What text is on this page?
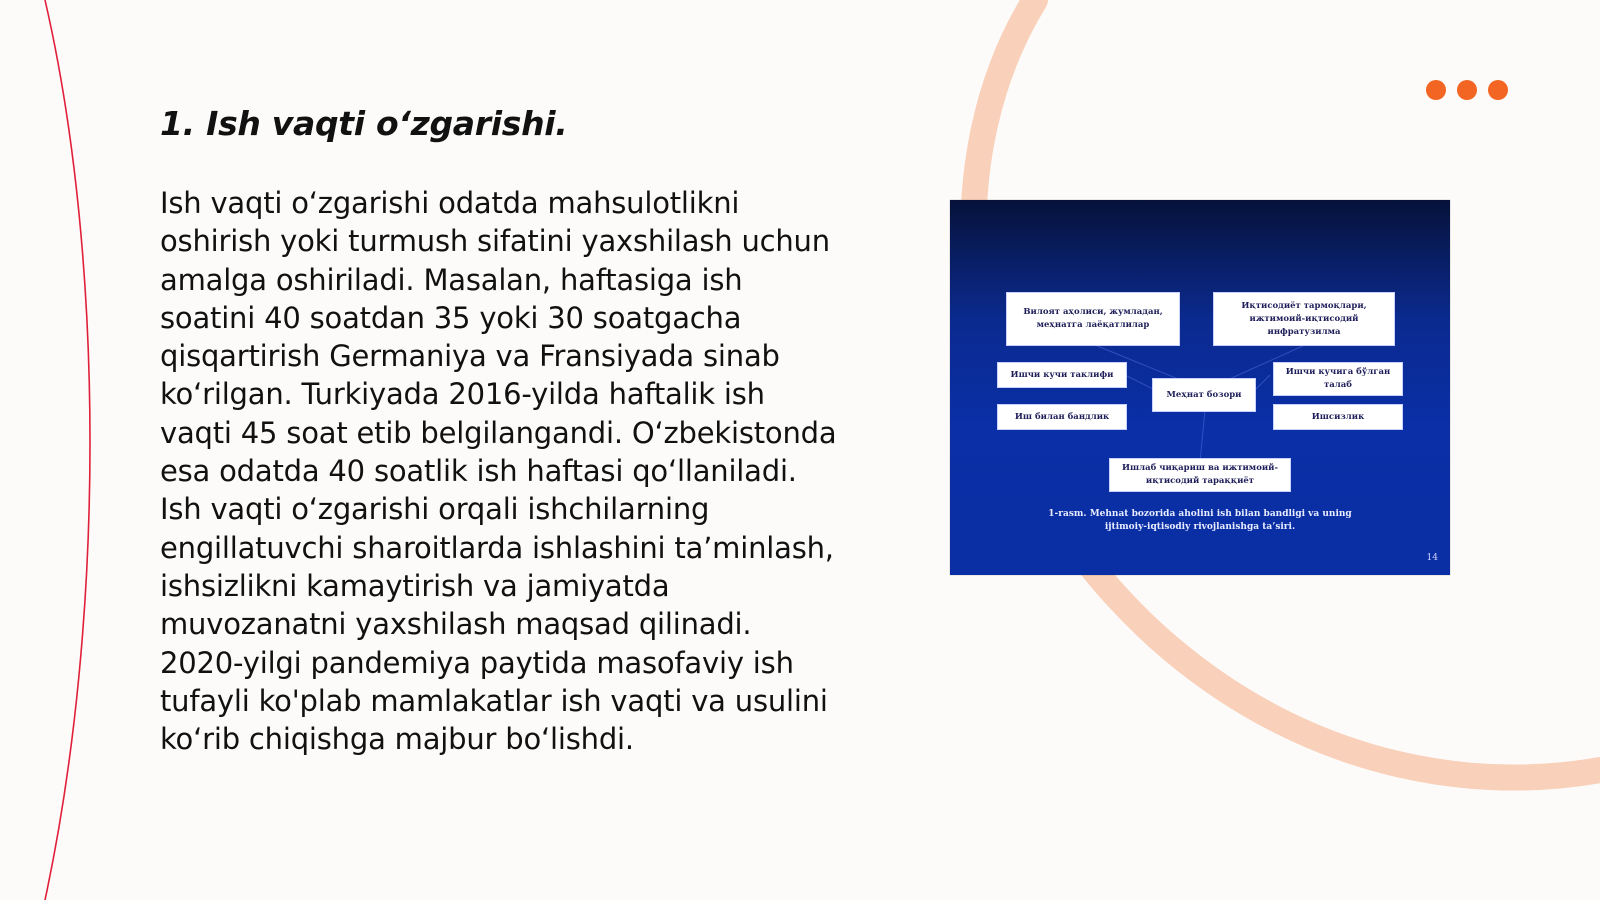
1. Ish vaqti o‘zgarishi.

Ish vaqti o‘zgarishi odatda mahsulotlikni oshirish yoki turmush sifatini yaxshilash uchun amalga oshiriladi. Masalan, haftasiga ish soatini 40 soatdan 35 yoki 30 soatgacha qisqartirish Germaniya va Fransiyada sinab ko‘rilgan. Turkiyada 2016-yilda haftalik ish vaqti 45 soat etib belgilangandi. O‘zbekistonda esa odatda 40 soatlik ish haftasi qo‘llaniladi. Ish vaqti o‘zgarishi orqali ishchilarning engillatuvchi sharoitlarda ishlashini ta’minlash, ishsizlikni kamaytirish va jamiyatda muvozanatni yaxshilash maqsad qilinadi. 2020-yilgi pandemiya paytida masofaviy ish tufayli ko'plab mamlakatlar ish vaqti va usulini ko‘rib chiqishga majbur bo‘lishdi.

Вилоят аҳолиси, жумладан, меҳнатга лаёқатлилар
Иқтисодиёт тармоқлари, ижтимоий-иқтисодий инфратузилма
Ишчи кучи таклифи
Иш билан бандлик
Меҳнат бозори
Ишчи кучига бўлган талаб
Ишсизлик
Ишлаб чиқариш ва ижтимоий-иқтисодий тараққиёт
1-rasm. Mehnat bozorida aholini ish bilan bandligi va uning ijtimoiy-iqtisodiy rivojlanishga ta’siri.
14
